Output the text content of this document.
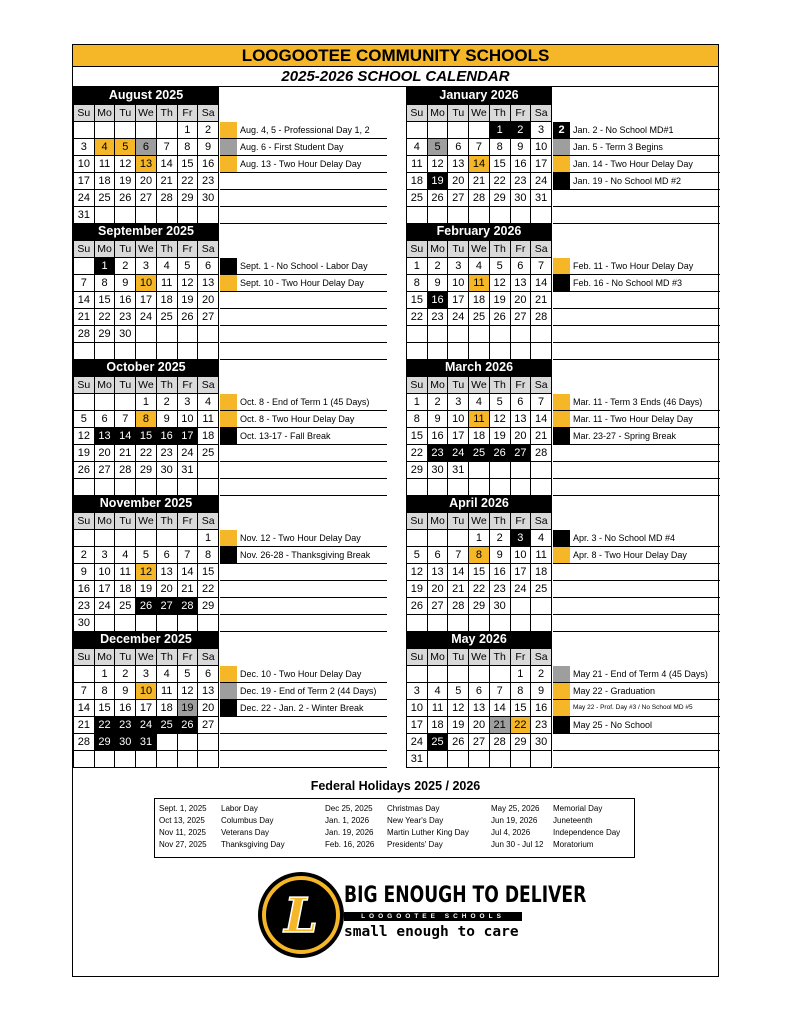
LOOGOOTEE COMMUNITY SCHOOLS
2025-2026 SCHOOL CALENDAR
August 2025
Su	Mo	Tu	We	Th	Fr	Sa
					1	2
3	4	5	6	7	8	9
10	11	12	13	14	15	16
17	18	19	20	21	22	23
24	25	26	27	28	29	30
31						
Aug. 4, 5 - Professional Day 1, 2
Aug. 6 - First Student Day
Aug. 13 - Two Hour Delay Day
January 2026
Su	Mo	Tu	We	Th	Fr	Sa
				1	2	3
4	5	6	7	8	9	10
11	12	13	14	15	16	17
18	19	20	21	22	23	24
25	26	27	28	29	30	31

2 Jan. 2 - No School MD#1
Jan. 5 - Term 3 Begins
Jan. 14 - Two Hour Delay Day
Jan. 19 - No School MD #2
September 2025
Su	Mo	Tu	We	Th	Fr	Sa
	1	2	3	4	5	6
7	8	9	10	11	12	13
14	15	16	17	18	19	20
21	22	23	24	25	26	27
28	29	30				

Sept. 1 - No School - Labor Day
Sept. 10 - Two Hour Delay Day
February 2026
Su	Mo	Tu	We	Th	Fr	Sa
1	2	3	4	5	6	7
8	9	10	11	12	13	14
15	16	17	18	19	20	21
22	23	24	25	26	27	28

Feb. 11 - Two Hour Delay Day
Feb. 16 - No School MD #3
October 2025
Su	Mo	Tu	We	Th	Fr	Sa
			1	2	3	4
5	6	7	8	9	10	11
12	13	14	15	16	17	18
19	20	21	22	23	24	25
26	27	28	29	30	31	

Oct. 8 - End of Term 1 (45 Days)
Oct. 8 - Two Hour Delay Day
Oct. 13-17 - Fall Break
March 2026
Su	Mo	Tu	We	Th	Fr	Sa
1	2	3	4	5	6	7
8	9	10	11	12	13	14
15	16	17	18	19	20	21
22	23	24	25	26	27	28
29	30	31				

Mar. 11 - Term 3 Ends (46 Days)
Mar. 11 - Two Hour Delay Day
Mar. 23-27 - Spring Break
November 2025
Su	Mo	Tu	We	Th	Fr	Sa
						1
2	3	4	5	6	7	8
9	10	11	12	13	14	15
16	17	18	19	20	21	22
23	24	25	26	27	28	29
30						
Nov. 12 - Two Hour Delay Day
Nov. 26-28 - Thanksgiving Break
April 2026
Su	Mo	Tu	We	Th	Fr	Sa
			1	2	3	4
5	6	7	8	9	10	11
12	13	14	15	16	17	18
19	20	21	22	23	24	25
26	27	28	29	30		

Apr. 3 - No School MD #4
Apr. 8 - Two Hour Delay Day
December 2025
Su	Mo	Tu	We	Th	Fr	Sa
	1	2	3	4	5	6
7	8	9	10	11	12	13
14	15	16	17	18	19	20
21	22	23	24	25	26	27
28	29	30	31			

Dec. 10 - Two Hour Delay Day
Dec. 19 - End of Term 2 (44 Days)
Dec. 22 - Jan. 2 - Winter Break
May 2026
Su	Mo	Tu	We	Th	Fr	Sa
					1	2
3	4	5	6	7	8	9
10	11	12	13	14	15	16
17	18	19	20	21	22	23
24	25	26	27	28	29	30
31						
May 21 - End of Term 4 (45 Days)
May 22 - Graduation
May 22 - Prof. Day #3 / No School MD #5
May 25 - No School
Federal Holidays 2025 / 2026
Sept. 1, 2025 Labor Day
Oct 13, 2025 Columbus Day
Nov 11, 2025 Veterans Day
Nov 27, 2025 Thanksgiving Day
Dec 25, 2025 Christmas Day
Jan. 1, 2026 New Year's Day
Jan. 19, 2026 Martin Luther King Day
Feb. 16, 2026 Presidents' Day
May 25, 2026 Memorial Day
Jun 19, 2026 Juneteenth
Jul 4, 2026	Independence Day
Jun 30 - Jul 12 Moratorium
L BIG ENOUGH TO DELIVER
LOOGOOTEE SCHOOLS
small enough to care
